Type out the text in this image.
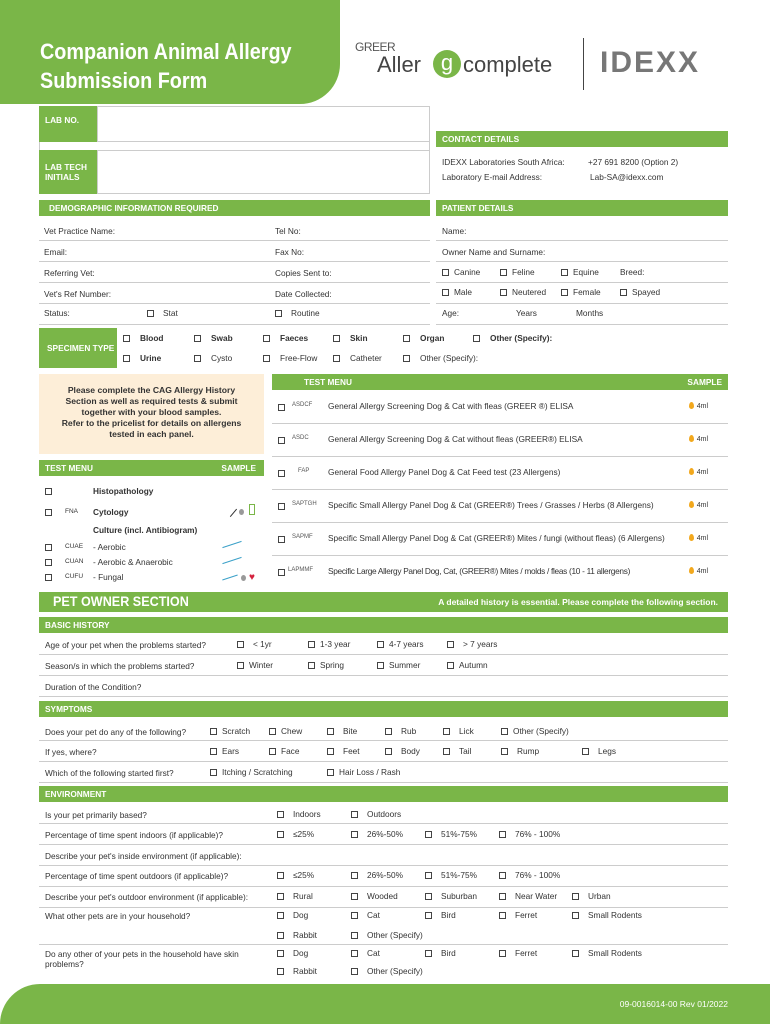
Companion Animal Allergy
Submission Form
GREER
Aller g complete IDEXX
LAB NO.
LAB TECH
INITIALS
CONTACT DETAILS
IDEXX Laboratories South Africa:	+27 691 8200 (Option 2)
Laboratory E-mail Address:	Lab-SA@idexx.com
DEMOGRAPHIC INFORMATION REQUIRED	PATIENT DETAILS
Vet Practice Name:	Tel No:
Email:	Fax No:
Referring Vet:	Copies Sent to:
Vet's Ref Number:	Date Collected:
Status:	Stat	Routine
Name:
Owner Name and Surname:
Canine	Feline	Equine	Breed:
Male	Neutered	Female	Spayed
Age:	Years	Months
SPECIMEN TYPE
Blood	Swab	Faeces	Skin	Organ	Other (Specify):
Urine	Cysto	Free-Flow	Catheter	Other (Specify):
Please complete the CAG Allergy History
Section as well as required tests & submit
together with your blood samples.
Refer to the pricelist for details on allergens
tested in each panel.
TEST MENU	SAMPLE
Histopathology
FNA Cytology
Culture (incl. Antibiogram)
CUAE - Aerobic
CUAN - Aerobic & Anaerobic
CUFU - Fungal	♥
TEST MENU	SAMPLE
ASDCF General Allergy Screening Dog & Cat with fleas (GREER ®) ELISA	4ml
ASDC General Allergy Screening Dog & Cat without fleas (GREER®) ELISA	4ml
FAP General Food Allergy Panel Dog & Cat Feed test (23 Allergens)	4ml
SAPTGH Specific Small Allergy Panel Dog & Cat (GREER®) Trees / Grasses / Herbs (8 Allergens)	4ml
SAPMF Specific Small Allergy Panel Dog & Cat (GREER®) Mites / fungi (without fleas) (6 Allergens)	4ml
LAPMMF Specific Large Allergy Panel Dog, Cat, (GREER®) Mites / molds / fleas (10 - 11 allergens)	4ml
PET OWNER SECTION	A detailed history is essential. Please complete the following section.
BASIC HISTORY
Age of your pet when the problems started?	< 1yr	1-3 year	4-7 years	> 7 years
Season/s in which the problems started?	Winter	Spring	Summer	Autumn
Duration of the Condition?
SYMPTOMS
Does your pet do any of the following?	Scratch	Chew	Bite	Rub	Lick	Other (Specify)
If yes, where?	Ears	Face	Feet	Body	Tail	Rump	Legs
Which of the following started first?	Itching / Scratching	Hair Loss / Rash
ENVIRONMENT
Is your pet primarily based?	Indoors	Outdoors
Percentage of time spent indoors (if applicable)?	≤25%	26%-50%	51%-75%	76% - 100%
Describe your pet's inside environment (if applicable):
Percentage of time spent outdoors (if applicable)?	≤25%	26%-50%	51%-75%	76% - 100%
Describe your pet's outdoor environment (if applicable):	Rural	Wooded	Suburban	Near Water	Urban
What other pets are in your household?	Dog	Cat	Bird	Ferret	Small Rodents
Rabbit	Other (Specify)
Do any other of your pets in the household have skin
problems?
Dog	Cat	Bird	Ferret	Small Rodents
Rabbit	Other (Specify)
09-0016014-00 Rev 01/2022
